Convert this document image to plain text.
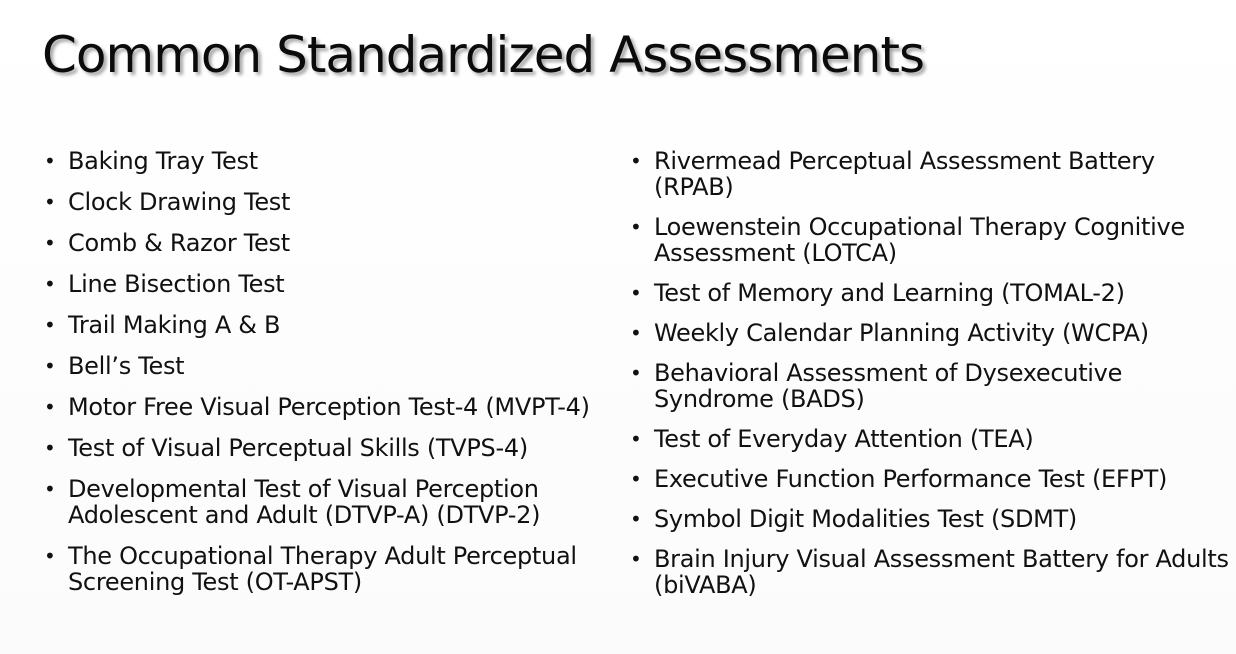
Common Standardized Assessments
• Baking Tray Test
• Clock Drawing Test
• Comb & Razor Test
• Line Bisection Test
• Trail Making A & B
• Bell’s Test
• Motor Free Visual Perception Test-4 (MVPT-4)
• Test of Visual Perceptual Skills (TVPS-4)
• Developmental Test of Visual Perception Adolescent and Adult (DTVP-A) (DTVP-2)
• The Occupational Therapy Adult Perceptual Screening Test (OT-APST)
• Rivermead Perceptual Assessment Battery (RPAB)
• Loewenstein Occupational Therapy Cognitive Assessment (LOTCA)
• Test of Memory and Learning (TOMAL-2)
• Weekly Calendar Planning Activity (WCPA)
• Behavioral Assessment of Dysexecutive Syndrome (BADS)
• Test of Everyday Attention (TEA)
• Executive Function Performance Test (EFPT)
• Symbol Digit Modalities Test (SDMT)
• Brain Injury Visual Assessment Battery for Adults (biVABA)
